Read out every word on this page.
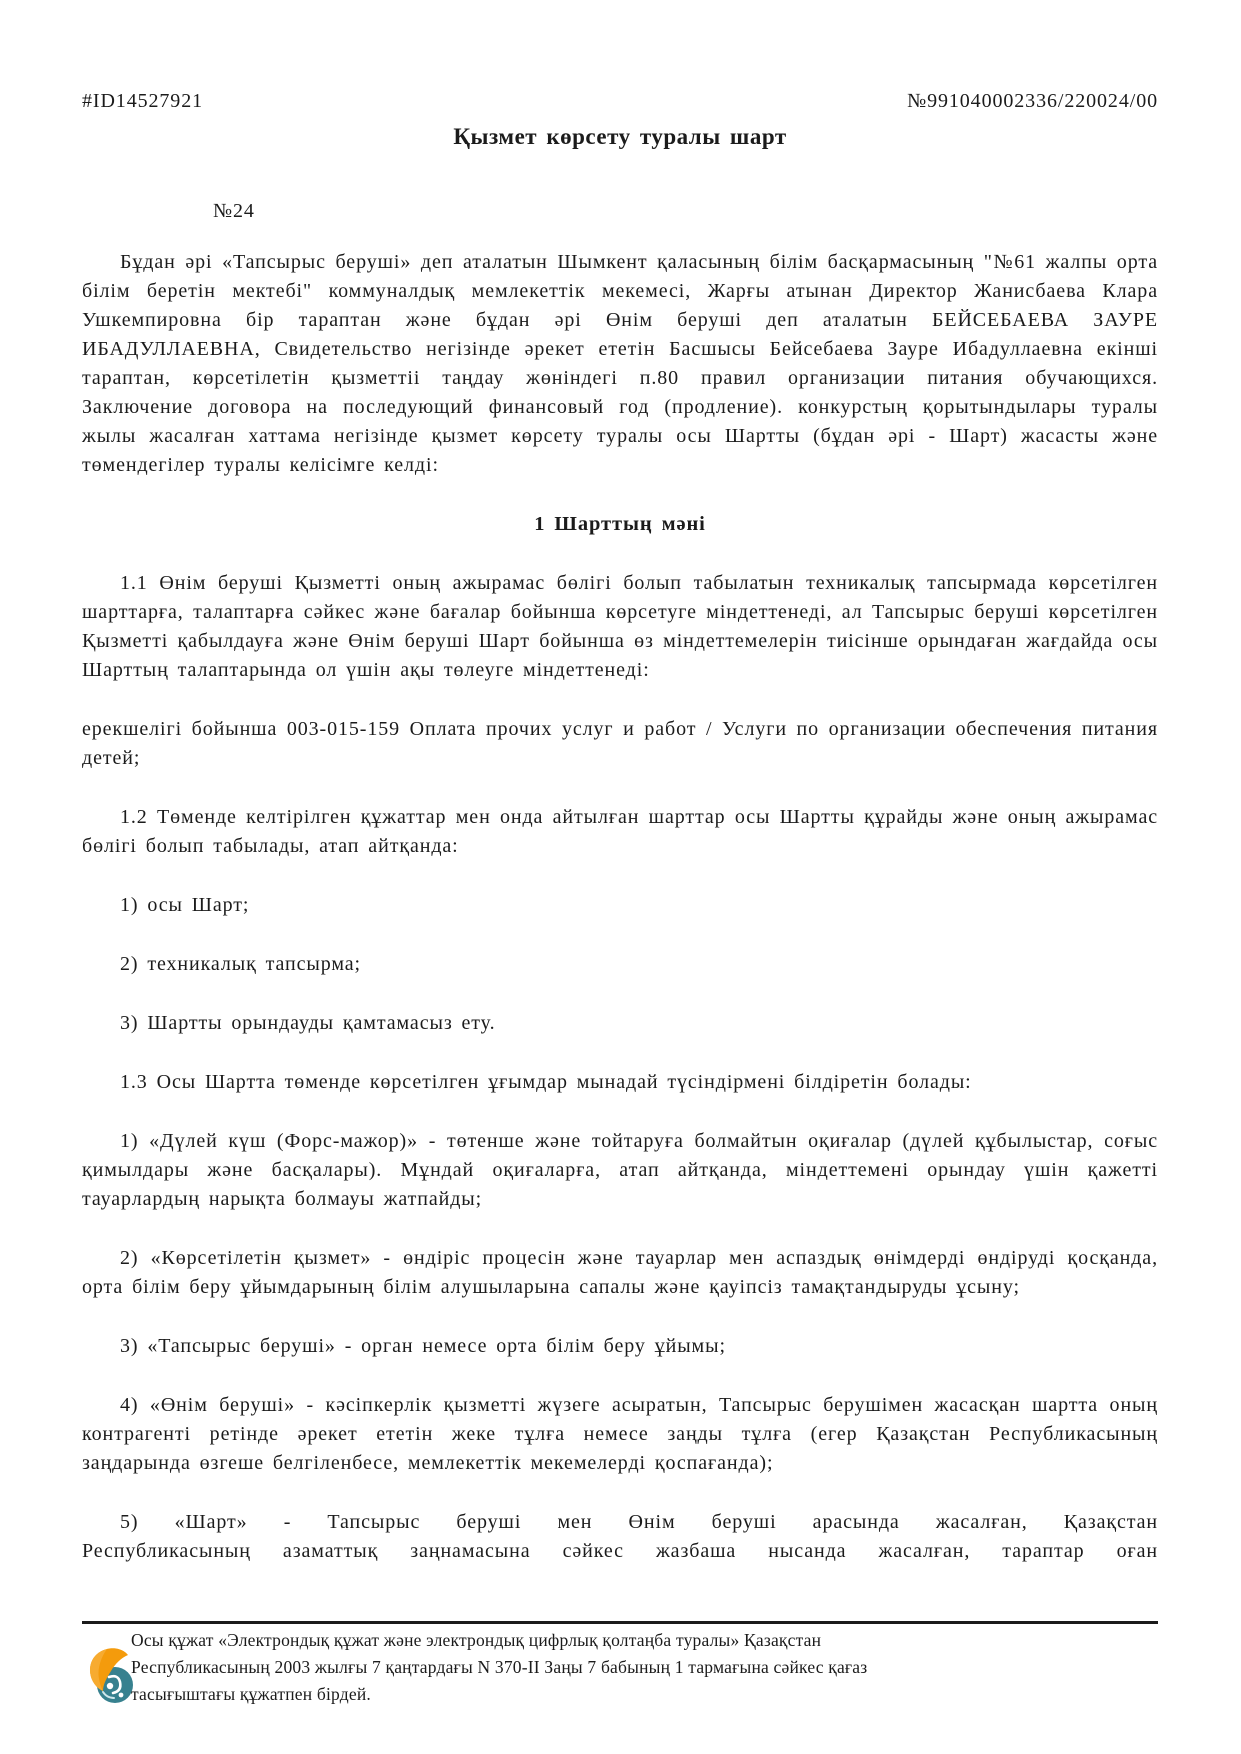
#ID14527921	№991040002336/220024/00
Қызмет көрсету туралы шарт
№24

Бұдан әрі «Тапсырыс беруші» деп аталатын Шымкент қаласының білім басқармасының "№61 жалпы орта білім беретін мектебі" коммуналдық мемлекеттік мекемесі, Жарғы атынан Директор Жанисбаева Клара Ушкемпировна бір тараптан және бұдан әрі Өнім беруші деп аталатын БЕЙСЕБАЕВА ЗАУРЕ ИБАДУЛЛАЕВНА, Свидетельство негізінде әрекет ететін Басшысы Бейсебаева Зауре Ибадуллаевна екінші тараптан, көрсетілетін қызметтіі таңдау жөніндегі п.80 правил организации питания обучающихся. Заключение договора на последующий финансовый год (продление). конкурстың қорытындылары туралы жылы жасалған хаттама негізінде қызмет көрсету туралы осы Шартты (бұдан әрі - Шарт) жасасты және төмендегілер туралы келісімге келді:

1 Шарттың мәні

1.1 Өнім беруші Қызметті оның ажырамас бөлігі болып табылатын техникалық тапсырмада көрсетілген шарттарға, талаптарға сәйкес және бағалар бойынша көрсетуге міндеттенеді, ал Тапсырыс беруші көрсетілген Қызметті қабылдауға және Өнім беруші Шарт бойынша өз міндеттемелерін тиісінше орындаған жағдайда осы Шарттың талаптарында ол үшін ақы төлеуге міндеттенеді:

ерекшелігі бойынша 003-015-159 Оплата прочих услуг и работ / Услуги по организации обеспечения питания детей;

1.2 Төменде келтірілген құжаттар мен онда айтылған шарттар осы Шартты құрайды және оның ажырамас бөлігі болып табылады, атап айтқанда:

1) осы Шарт;

2) техникалық тапсырма;

3) Шартты орындауды қамтамасыз ету.

1.3 Осы Шартта төменде көрсетілген ұғымдар мынадай түсіндірмені білдіретін болады:

1) «Дүлей күш (Форс-мажор)» - төтенше және тойтаруға болмайтын оқиғалар (дүлей құбылыстар, соғыс қимылдары және басқалары). Мұндай оқиғаларға, атап айтқанда, міндеттемені орындау үшін қажетті тауарлардың нарықта болмауы жатпайды;

2) «Көрсетілетін қызмет» - өндіріс процесін және тауарлар мен аспаздық өнімдерді өндіруді қосқанда, орта білім беру ұйымдарының білім алушыларына сапалы және қауіпсіз тамақтандыруды ұсыну;

3) «Тапсырыс беруші» - орган немесе орта білім беру ұйымы;

4) «Өнім беруші» - кәсіпкерлік қызметті жүзеге асыратын, Тапсырыс берушімен жасасқан шартта оның контрагенті ретінде әрекет ететін жеке тұлға немесе заңды тұлға (егер Қазақстан Республикасының заңдарында өзгеше белгіленбесе, мемлекеттік мекемелерді қоспағанда);

5) «Шарт» - Тапсырыс беруші мен Өнім беруші арасында жасалған, Қазақстан

Республикасының азаматтық заңнамасына сәйкес жазбаша нысанда жасалған, тараптар оған

Осы құжат «Электрондық құжат және электрондық цифрлық қолтаңба туралы» Қазақстан
Республикасының 2003 жылғы 7 қаңтардағы N 370-II Заңы 7 бабының 1 тармағына сәйкес қағаз
тасығыштағы құжатпен бірдей.
